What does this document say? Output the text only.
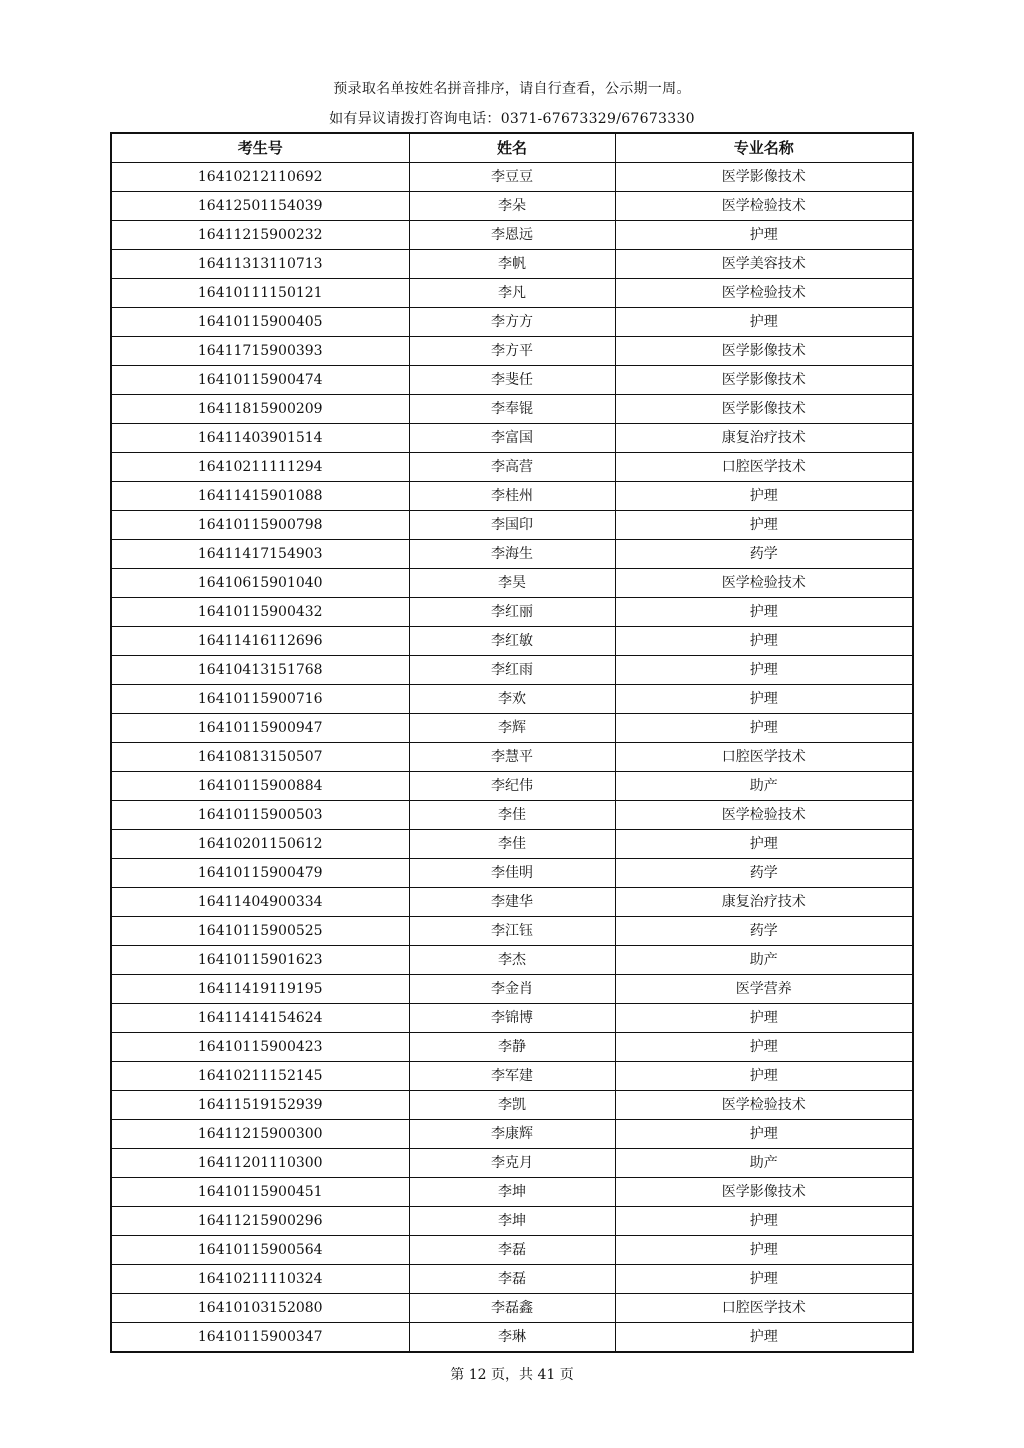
预录取名单按姓名拼音排序，请自行查看，公示期一周。
如有异议请拨打咨询电话：0371-67673329/67673330
考生号	姓名	专业名称
16410212110692	李豆豆	医学影像技术
16412501154039	李朵	医学检验技术
16411215900232	李恩远	护理
16411313110713	李帆	医学美容技术
16410111150121	李凡	医学检验技术
16410115900405	李方方	护理
16411715900393	李方平	医学影像技术
16410115900474	李斐任	医学影像技术
16411815900209	李奉锟	医学影像技术
16411403901514	李富国	康复治疗技术
16410211111294	李高营	口腔医学技术
16411415901088	李桂州	护理
16410115900798	李国印	护理
16411417154903	李海生	药学
16410615901040	李昊	医学检验技术
16410115900432	李红丽	护理
16411416112696	李红敏	护理
16410413151768	李红雨	护理
16410115900716	李欢	护理
16410115900947	李辉	护理
16410813150507	李慧平	口腔医学技术
16410115900884	李纪伟	助产
16410115900503	李佳	医学检验技术
16410201150612	李佳	护理
16410115900479	李佳明	药学
16411404900334	李建华	康复治疗技术
16410115900525	李江钰	药学
16410115901623	李杰	助产
16411419119195	李金肖	医学营养
16411414154624	李锦博	护理
16410115900423	李静	护理
16410211152145	李军建	护理
16411519152939	李凯	医学检验技术
16411215900300	李康辉	护理
16411201110300	李克月	助产
16410115900451	李坤	医学影像技术
16411215900296	李坤	护理
16410115900564	李磊	护理
16410211110324	李磊	护理
16410103152080	李磊鑫	口腔医学技术
16410115900347	李琳	护理
第 12 页，共 41 页
